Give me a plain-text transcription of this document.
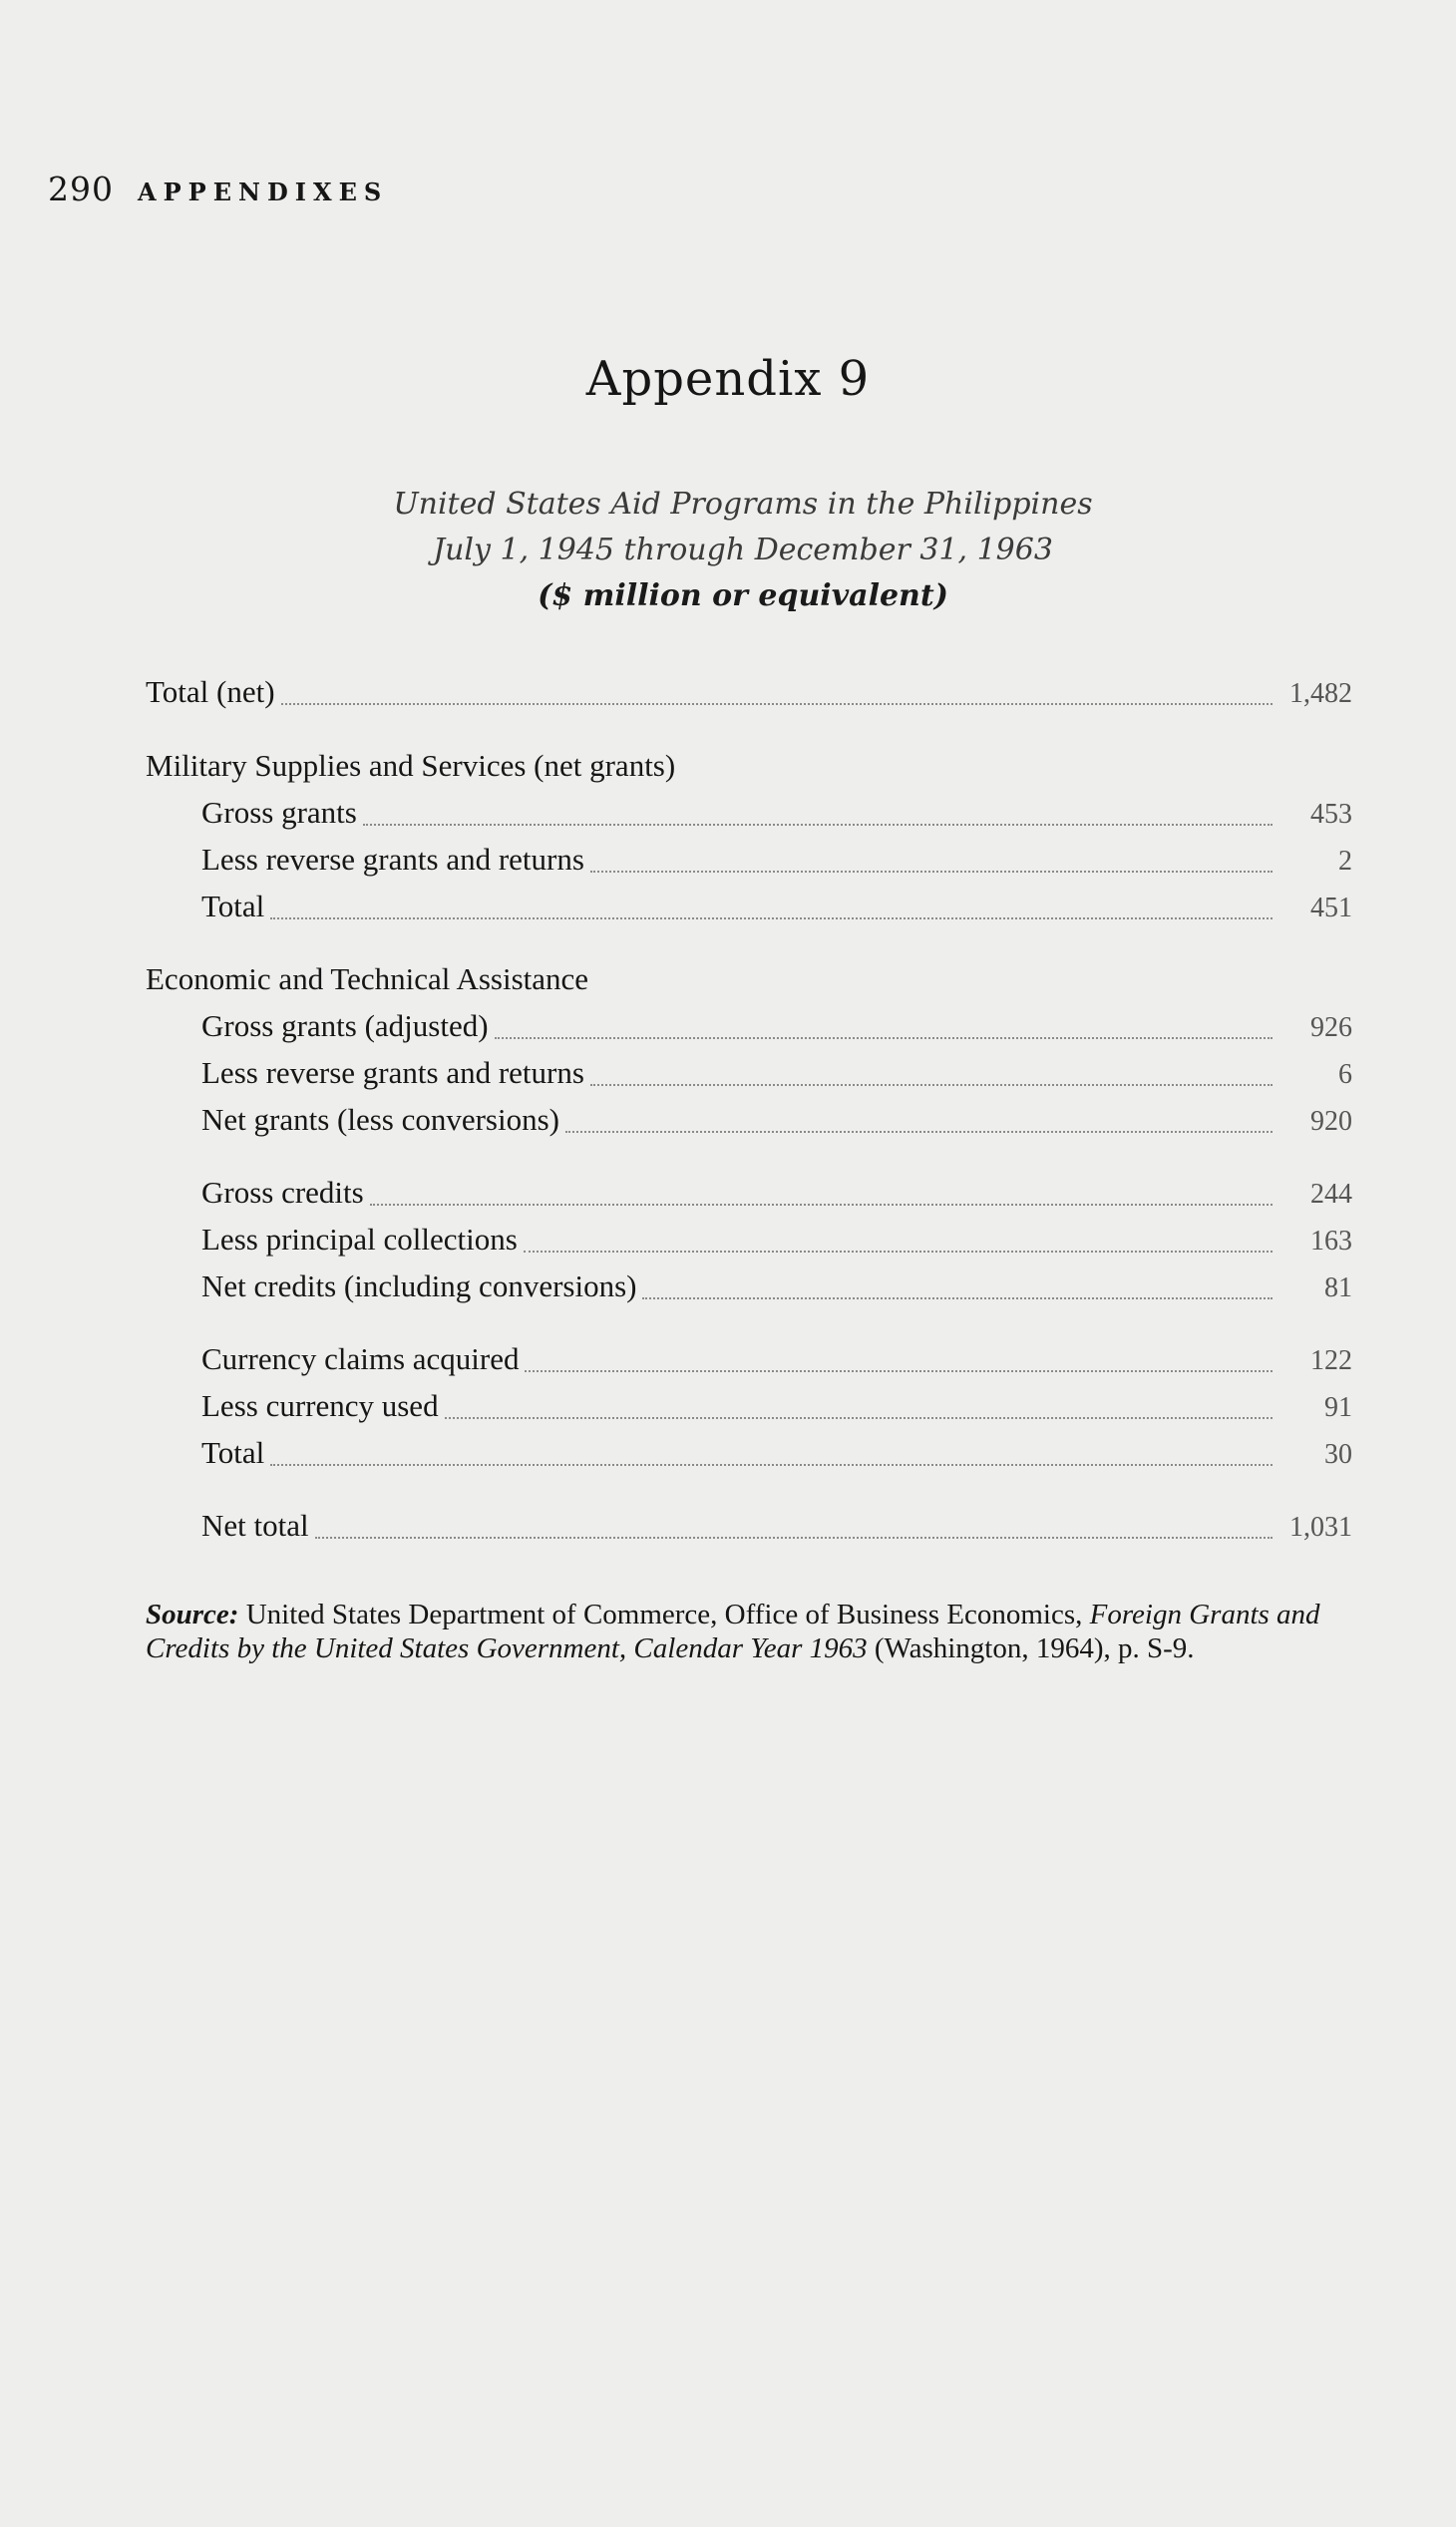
290 APPENDIXES
Appendix 9
United States Aid Programs in the Philippines
July 1, 1945 through December 31, 1963
($ million or equivalent)
Total (net)	1,482
Military Supplies and Services (net grants)
Gross grants	453
Less reverse grants and returns	2
Total	451
Economic and Technical Assistance
Gross grants (adjusted)	926
Less reverse grants and returns	6
Net grants (less conversions)	920
Gross credits	244
Less principal collections	163
Net credits (including conversions)	81
Currency claims acquired	122
Less currency used	91
Total	30
Net total	1,031
Source: United States Department of Commerce, Office of Business Economics, Foreign Grants and Credits by the United States Government, Calendar Year 1963 (Washington, 1964), p. S-9.
